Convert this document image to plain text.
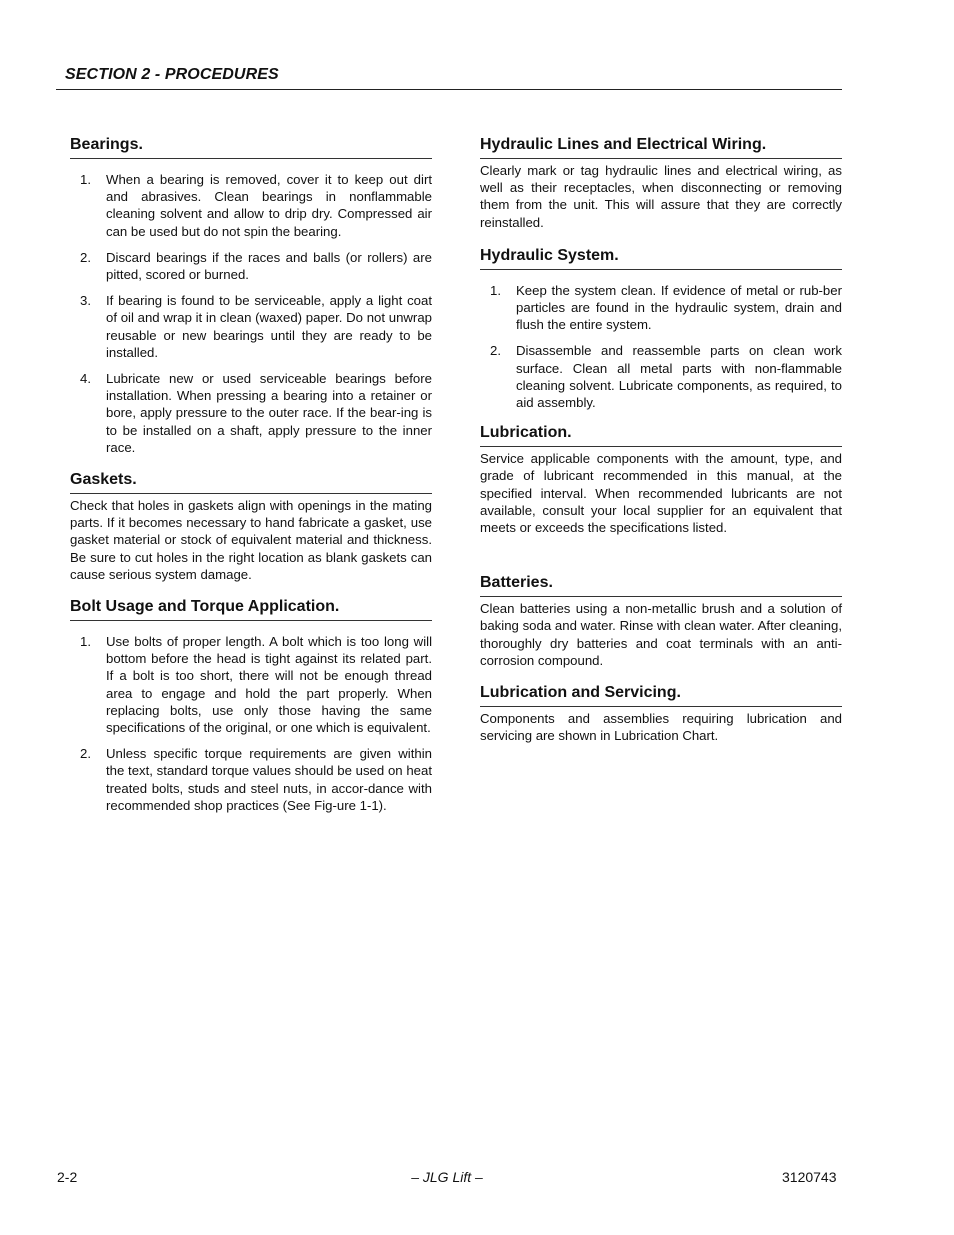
SECTION 2 - PROCEDURES
Bearings.
1. When a bearing is removed, cover it to keep out dirt and abrasives. Clean bearings in nonflammable cleaning solvent and allow to drip dry. Compressed air can be used but do not spin the bearing.
2. Discard bearings if the races and balls (or rollers) are pitted, scored or burned.
3. If bearing is found to be serviceable, apply a light coat of oil and wrap it in clean (waxed) paper. Do not unwrap reusable or new bearings until they are ready to be installed.
4. Lubricate new or used serviceable bearings before installation. When pressing a bearing into a retainer or bore, apply pressure to the outer race. If the bear-ing is to be installed on a shaft, apply pressure to the inner race.
Gaskets.

Check that holes in gaskets align with openings in the mating parts. If it becomes necessary to hand fabricate a gasket, use gasket material or stock of equivalent material and thickness. Be sure to cut holes in the right location as blank gaskets can cause serious system damage.

Bolt Usage and Torque Application.
1. Use bolts of proper length. A bolt which is too long will bottom before the head is tight against its related part. If a bolt is too short, there will not be enough thread area to engage and hold the part properly. When replacing bolts, use only those having the same specifications of the original, or one which is equivalent.
2. Unless specific torque requirements are given within the text, standard torque values should be used on heat treated bolts, studs and steel nuts, in accor-dance with recommended shop practices (See Fig-ure 1-1).
Hydraulic Lines and Electrical Wiring.

Clearly mark or tag hydraulic lines and electrical wiring, as well as their receptacles, when disconnecting or removing them from the unit. This will assure that they are correctly reinstalled.

Hydraulic System.
1. Keep the system clean. If evidence of metal or rub-ber particles are found in the hydraulic system, drain and flush the entire system.
2. Disassemble and reassemble parts on clean work surface. Clean all metal parts with non-flammable cleaning solvent. Lubricate components, as required, to aid assembly.
Lubrication.

Service applicable components with the amount, type, and grade of lubricant recommended in this manual, at the specified interval. When recommended lubricants are not available, consult your local supplier for an equivalent that meets or exceeds the specifications listed.

Batteries.

Clean batteries using a non-metallic brush and a solution of baking soda and water. Rinse with clean water. After cleaning, thoroughly dry batteries and coat terminals with an anti-corrosion compound.

Lubrication and Servicing.

Components and assemblies requiring lubrication and servicing are shown in Lubrication Chart.

2-2	– JLG Lift –	3120743
